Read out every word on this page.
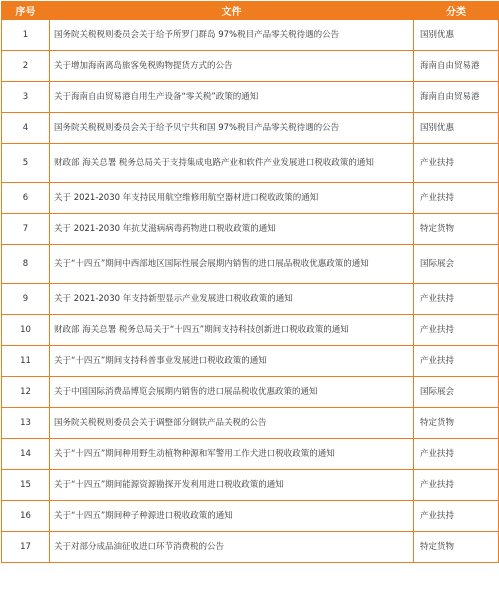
序号	文件	分类
1	国务院关税税则委员会关于给予所罗门群岛 97%税目产品零关税待遇的公告	国别优惠
2	关于增加海南离岛旅客免税购物提货方式的公告	海南自由贸易港
3	关于海南自由贸易港自用生产设备“零关税”政策的通知	海南自由贸易港
4	国务院关税税则委员会关于给予贝宁共和国 97%税目产品零关税待遇的公告	国别优惠
5	财政部 海关总署 税务总局关于支持集成电路产业和软件产业发展进口税收政策的通知	产业扶持
6	关于 2021-2030 年支持民用航空维修用航空器材进口税收政策的通知	产业扶持
7	关于 2021-2030 年抗艾滋病病毒药物进口税收政策的通知	特定货物
8	关于“十四五”期间中西部地区国际性展会展期内销售的进口展品税收优惠政策的通知	国际展会
9	关于 2021-2030 年支持新型显示产业发展进口税收政策的通知	产业扶持
10	财政部 海关总署 税务总局关于“十四五”期间支持科技创新进口税收政策的通知	产业扶持
11	关于“十四五”期间支持科普事业发展进口税收政策的通知	产业扶持
12	关于中国国际消费品博览会展期内销售的进口展品税收优惠政策的通知	国际展会
13	国务院关税税则委员会关于调整部分钢铁产品关税的公告	特定货物
14	关于“十四五”期间种用野生动植物种源和军警用工作犬进口税收政策的通知	产业扶持
15	关于“十四五”期间能源资源勘探开发利用进口税收政策的通知	产业扶持
16	关于“十四五”期间种子种源进口税收政策的通知	产业扶持
17	关于对部分成品油征收进口环节消费税的公告	特定货物
